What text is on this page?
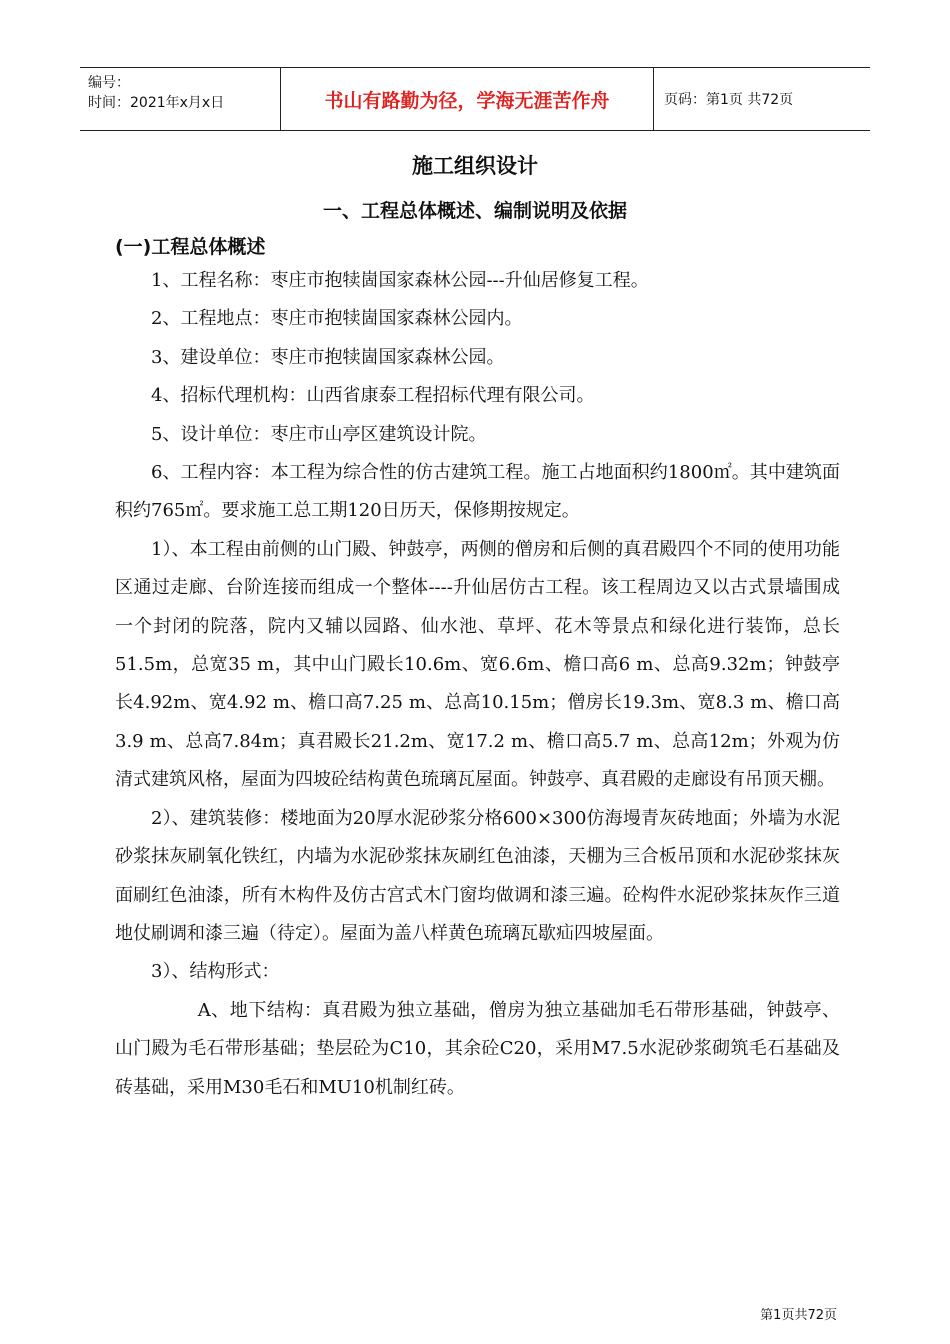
编号：
时间：2021年x月x日	书山有路勤为径，学海无涯苦作舟	页码：第1页 共72页
施工组织设计
一、工程总体概述、编制说明及依据
(一)工程总体概述

1、工程名称：枣庄市抱犊崮国家森林公园---升仙居修复工程。

2、工程地点：枣庄市抱犊崮国家森林公园内。

3、建设单位：枣庄市抱犊崮国家森林公园。

4、招标代理机构：山西省康泰工程招标代理有限公司。

5、设计单位：枣庄市山亭区建筑设计院。

6、工程内容：本工程为综合性的仿古建筑工程。施工占地面积约1800㎡。其中建筑面积约765㎡。要求施工总工期120日历天，保修期按规定。

1）、本工程由前侧的山门殿、钟鼓亭，两侧的僧房和后侧的真君殿四个不同的使用功能区通过走廊、台阶连接而组成一个整体----升仙居仿古工程。该工程周边又以古式景墙围成一个封闭的院落，院内又辅以园路、仙水池、草坪、花木等景点和绿化进行装饰，总长51.5m，总宽35 m，其中山门殿长10.6m、宽6.6m、檐口高6 m、总高9.32m；钟鼓亭长4.92m、宽4.92 m、檐口高7.25 m、总高10.15m；僧房长19.3m、宽8.3 m、檐口高3.9 m、总高7.84m；真君殿长21.2m、宽17.2 m、檐口高5.7 m、总高12m；外观为仿清式建筑风格，屋面为四坡砼结构黄色琉璃瓦屋面。钟鼓亭、真君殿的走廊设有吊顶天棚。

2）、建筑装修：楼地面为20厚水泥砂浆分格600×300仿海墁青灰砖地面；外墙为水泥砂浆抹灰刷氧化铁红，内墙为水泥砂浆抹灰刷红色油漆，天棚为三合板吊顶和水泥砂浆抹灰面刷红色油漆，所有木构件及仿古宫式木门窗均做调和漆三遍。砼构件水泥砂浆抹灰作三道地仗刷调和漆三遍（待定）。屋面为盖八样黄色琉璃瓦歇疝四坡屋面。

3）、结构形式：

A、地下结构：真君殿为独立基础，僧房为独立基础加毛石带形基础，钟鼓亭、山门殿为毛石带形基础；垫层砼为C10，其余砼C20，采用M7.5水泥砂浆砌筑毛石基础及砖基础，采用M30毛石和MU10机制红砖。

第1页共72页
